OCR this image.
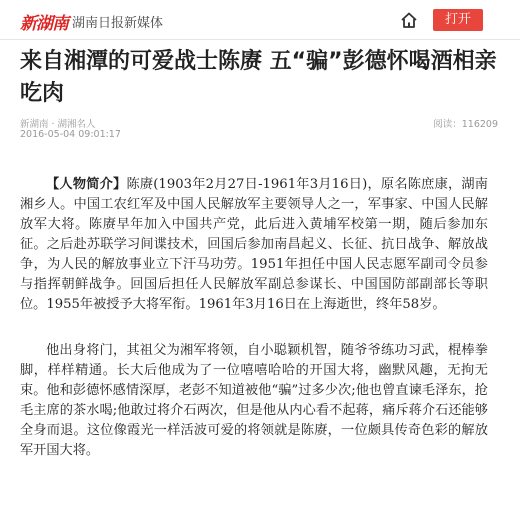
新湖南 湖南日报新媒体	打开
来自湘潭的可爱战士陈赓 五“骗”彭德怀喝酒相亲吃肉
新湖南 · 湖湘名人
2016-05-04 09:01:17
阅读：116209

【人物简介】陈赓(1903年2月27日-1961年3月16日)，原名陈庶康，湖南湘乡人。中国工农红军及中国人民解放军主要领导人之一，军事家、中国人民解放军大将。陈赓早年加入中国共产党，此后进入黄埔军校第一期，随后参加东征。之后赴苏联学习间谍技术，回国后参加南昌起义、长征、抗日战争、解放战争，为人民的解放事业立下汗马功劳。1951年担任中国人民志愿军副司令员参与指挥朝鲜战争。回国后担任人民解放军副总参谋长、中国国防部副部长等职位。1955年被授予大将军衔。1961年3月16日在上海逝世，终年58岁。

他出身将门，其祖父为湘军将领，自小聪颖机智，随爷爷练功习武，棍棒拳脚，样样精通。长大后他成为了一位嘻嘻哈哈的开国大将，幽默风趣，无拘无束。他和彭德怀感情深厚，老彭不知道被他“骗”过多少次;他也曾直谏毛泽东，抢毛主席的茶水喝;他敢过将介石两次，但是他从内心看不起蒋，痛斥蒋介石还能够全身而退。这位像霞光一样活波可爱的将领就是陈赓，一位颇具传奇色彩的解放军开国大将。
